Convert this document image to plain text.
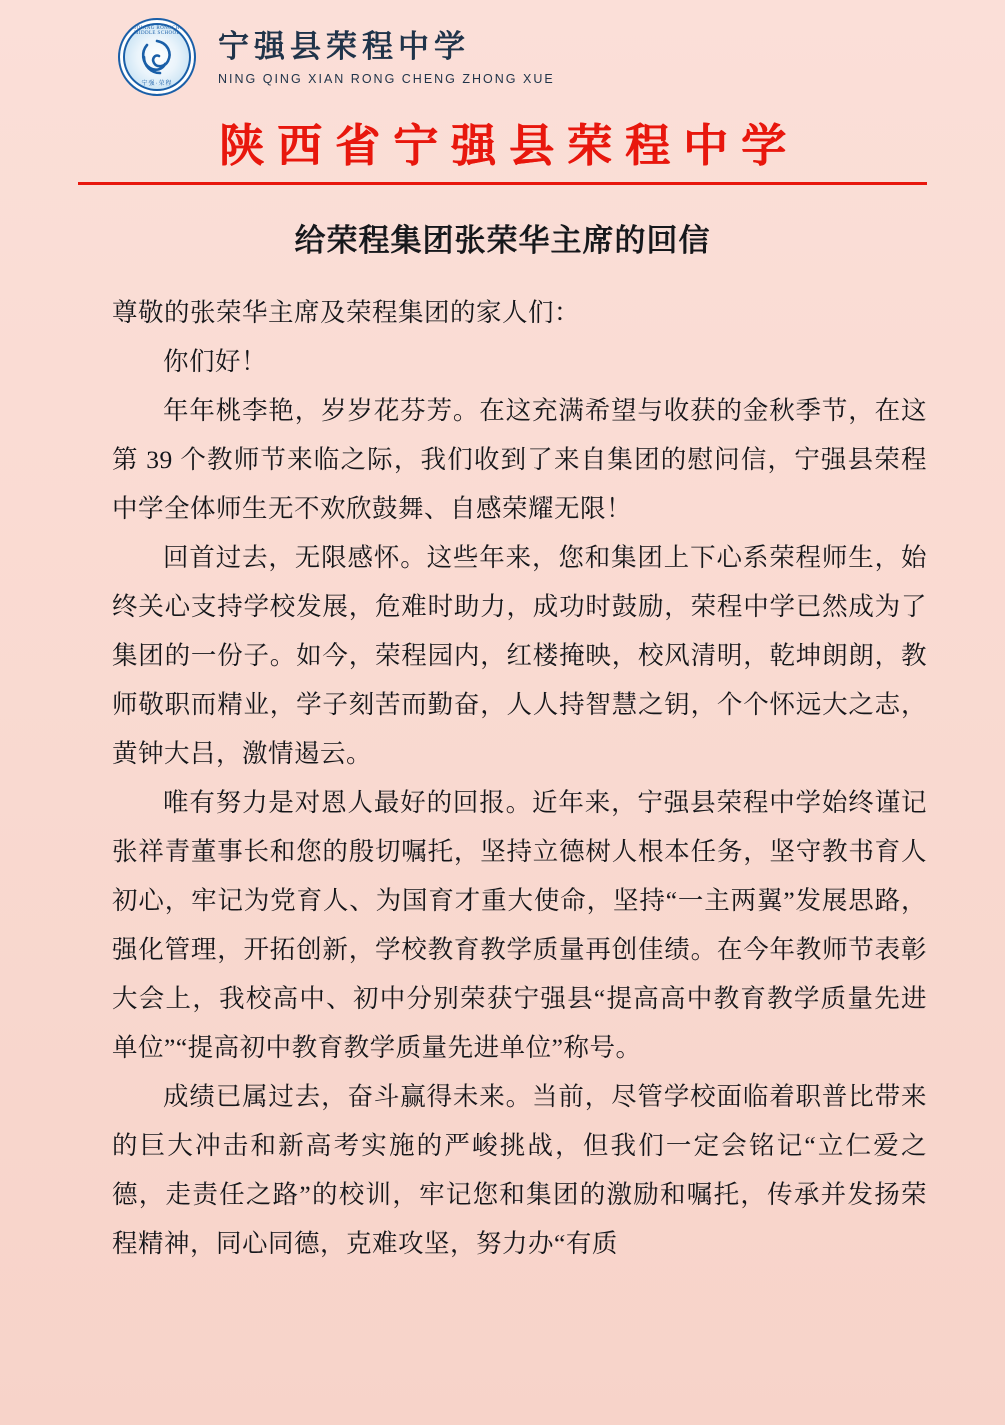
NINGQIANG RONGCHENG MIDDLE SCHOOL
宁强·荣程
宁强县荣程中学
NING QING XIAN RONG CHENG ZHONG XUE
陕西省宁强县荣程中学
给荣程集团张荣华主席的回信

尊敬的张荣华主席及荣程集团的家人们：

你们好！

年年桃李艳，岁岁花芬芳。在这充满希望与收获的金秋季节，在这第 39 个教师节来临之际，我们收到了来自集团的慰问信，宁强县荣程中学全体师生无不欢欣鼓舞、自感荣耀无限！

回首过去，无限感怀。这些年来，您和集团上下心系荣程师生，始终关心支持学校发展，危难时助力，成功时鼓励，荣程中学已然成为了集团的一份子。如今，荣程园内，红楼掩映，校风清明，乾坤朗朗，教师敬职而精业，学子刻苦而勤奋，人人持智慧之钥，个个怀远大之志，黄钟大吕，激情遏云。

唯有努力是对恩人最好的回报。近年来，宁强县荣程中学始终谨记张祥青董事长和您的殷切嘱托，坚持立德树人根本任务，坚守教书育人初心，牢记为党育人、为国育才重大使命，坚持“一主两翼”发展思路，强化管理，开拓创新，学校教育教学质量再创佳绩。在今年教师节表彰大会上，我校高中、初中分别荣获宁强县“提高高中教育教学质量先进单位”“提高初中教育教学质量先进单位”称号。

成绩已属过去，奋斗赢得未来。当前，尽管学校面临着职普比带来的巨大冲击和新高考实施的严峻挑战，但我们一定会铭记“立仁爱之德，走责任之路”的校训，牢记您和集团的激励和嘱托，传承并发扬荣程精神，同心同德，克难攻坚，努力办“有质
